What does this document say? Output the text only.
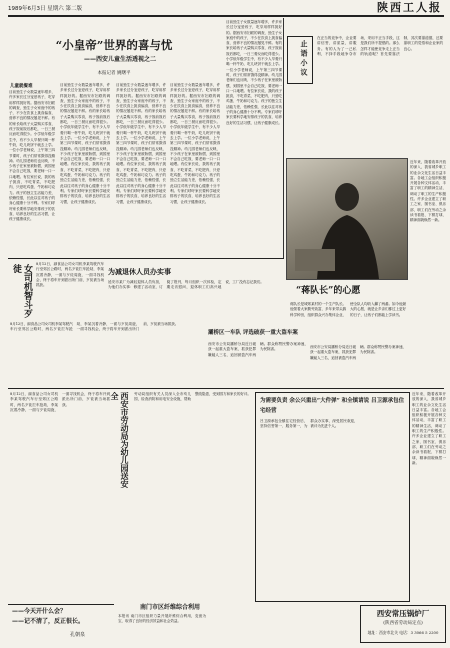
1989年6月3日 星期六 第二版	陕西工人报
“小皇帝”世界的喜与忧
——西安儿童生活透视之二
本报记者 姚曙平
儿童就餐难
目前独生子女数量逐年增多，许多家长过分宠爱孩子，吃穿用样样挑好的。据西安市妇联的调查，独生子女家庭中的孩子，不少在饮食上挑食偏食，营养不良的情况屡见不鲜。有的家长给孩子大量购买零食，孩子饭前饭后都吃，一日三餐反而吃得很少。小学低年级学生中，有不少人早餐只喝一杯牛奶，吃几块饼干就去上学。一位小学老师说，上午第三四节课时，孩子们常常饿得没精神。幼儿园老师们也反映，不少孩子在家里被娇惯，到园里不会自己吃饭，要老师一口一口地喂。有位家长说，我的孩子挑食，不吃青菜，不吃肥肉，只爱吃鸡蛋、牛奶和巧克力。孩子的独立生活能力差，依赖性强，长此以往对孩子的身心健康十分不利。专家们呼吁家长要科学地安排孩子的饮食，培养良好的生活习惯，让孩子健康成长。
目前独生子女数量逐年增多，许多家长过分宠爱孩子，吃穿用样样挑好的。据西安市妇联的调查，独生子女家庭中的孩子，不少在饮食上挑食偏食，营养不良的情况屡见不鲜。有的家长给孩子大量购买零食，孩子饭前饭后都吃，一日三餐反而吃得很少。小学低年级学生中，有不少人早餐只喝一杯牛奶，吃几块饼干就去上学。一位小学老师说，上午第三四节课时，孩子们常常饿得没精神。幼儿园老师们也反映，不少孩子在家里被娇惯，到园里不会自己吃饭，要老师一口一口地喂。有位家长说，我的孩子挑食，不吃青菜，不吃肥肉，只爱吃鸡蛋、牛奶和巧克力。孩子的独立生活能力差，依赖性强，长此以往对孩子的身心健康十分不利。专家们呼吁家长要科学地安排孩子的饮食，培养良好的生活习惯，让孩子健康成长。
目前独生子女数量逐年增多，许多家长过分宠爱孩子，吃穿用样样挑好的。据西安市妇联的调查，独生子女家庭中的孩子，不少在饮食上挑食偏食，营养不良的情况屡见不鲜。有的家长给孩子大量购买零食，孩子饭前饭后都吃，一日三餐反而吃得很少。小学低年级学生中，有不少人早餐只喝一杯牛奶，吃几块饼干就去上学。一位小学老师说，上午第三四节课时，孩子们常常饿得没精神。幼儿园老师们也反映，不少孩子在家里被娇惯，到园里不会自己吃饭，要老师一口一口地喂。有位家长说，我的孩子挑食，不吃青菜，不吃肥肉，只爱吃鸡蛋、牛奶和巧克力。孩子的独立生活能力差，依赖性强，长此以往对孩子的身心健康十分不利。专家们呼吁家长要科学地安排孩子的饮食，培养良好的生活习惯，让孩子健康成长。
目前独生子女数量逐年增多，许多家长过分宠爱孩子，吃穿用样样挑好的。据西安市妇联的调查，独生子女家庭中的孩子，不少在饮食上挑食偏食，营养不良的情况屡见不鲜。有的家长给孩子大量购买零食，孩子饭前饭后都吃，一日三餐反而吃得很少。小学低年级学生中，有不少人早餐只喝一杯牛奶，吃几块饼干就去上学。一位小学老师说，上午第三四节课时，孩子们常常饿得没精神。幼儿园老师们也反映，不少孩子在家里被娇惯，到园里不会自己吃饭，要老师一口一口地喂。有位家长说，我的孩子挑食，不吃青菜，不吃肥肉，只爱吃鸡蛋、牛奶和巧克力。孩子的独立生活能力差，依赖性强，长此以往对孩子的身心健康十分不利。专家们呼吁家长要科学地安排孩子的饮食，培养良好的生活习惯，让孩子健康成长。
目前独生子女数量逐年增多，许多家长过分宠爱孩子，吃穿用样样挑好的。据西安市妇联的调查，独生子女家庭中的孩子，不少在饮食上挑食偏食，营养不良的情况屡见不鲜。有的家长给孩子大量购买零食，孩子饭前饭后都吃，一日三餐反而吃得很少。小学低年级学生中，有不少人早餐只喝一杯牛奶，吃几块饼干就去上学。一位小学老师说，上午第三四节课时，孩子们常常饿得没精神。幼儿园老师们也反映，不少孩子在家里被娇惯，到园里不会自己吃饭，要老师一口一口地喂。有位家长说，我的孩子挑食，不吃青菜，不吃肥肉，只爱吃鸡蛋、牛奶和巧克力。孩子的独立生活能力差，依赖性强，长此以往对孩子的身心健康十分不利。专家们呼吁家长要科学地安排孩子的饮食，培养良好的生活习惯，让孩子健康成长。
止 语 小 议
在正当的竞争中，企业要讲信誉，讲质量，讲服务。有的人为了一己私利，不择手段地争夺市场，采用不正当手段，这是我们所不提倡的。那么怎样才能使竞争走上正当的轨道呢？首先要靠法制，其次要靠道德，还要靠职工的觉悟和企业家的良心。
近年来，随着改革开放的深入，我省城乡职工的业余文化生活日益丰富。各地工会组织积极开展各种文体活动，丰富了职工的精神生活，调动了职工的生产积极性。许多企业建立了职工之家、图书室、俱乐部，职工们在劳动之余读书看报、下棋打球，精神面貌焕然一新。
“蒋队长”的心愿
蒋队长是城郊某村的一个生产队长。他领着大家勤劳致富，多年来带头搞科学种田，组织群众兴办集体企业，使全队人均收入翻了两番。如今他最大的心愿，就是让乡亲们都过上更好的日子，让孩子们都能上学读书。
女司机智斗歹徒	8月12日，副食品公司女司机李某驾驶汽车行至郊区公路时，两名歹徒拦车抢劫，李某沉着冷静，一面与歹徒周旋，一面寻找机会，终于将车开到派出所门前，歹徒被当场抓获。
8月12日，副食品公司女司机李某驾驶汽车行至郊区公路时，两名歹徒拦车抢劫，李某沉着冷静，一面与歹徒周旋，一面寻找机会，终于将车开到派出所门前，歹徒被当场抓获。
为减退休人员办实事
延安市某厂为减轻退休人员负担，为他们办实事：修建了活动室，订阅了报刊，每月组织一次体检，定期走访慰问，退休职工们高兴地说，工厂没有忘记我们。
灞桥区一车队 评选破获一重大盗车案
西安市公安局灞桥分局近日破获一起重大盗车案，抓获犯罪嫌疑人三名，追回被盗汽车两辆。群众称赞民警办案神速，为民除害。
西安市公安局灞桥分局近日破获一起重大盗车案，抓获犯罪嫌疑人三名，追回被盗汽车两辆。群众称赞民警办案神速，为民除害。
8月12日，副食品公司女司机李某驾驶汽车行至郊区公路时，两名歹徒拦车抢劫，李某沉着冷静，一面与歹徒周旋，一面寻找机会，终于将车开到派出所门前，歹徒被当场抓获。	西安市劳动局为幼儿园送安全	劳动局组织有关人员深入全市幼儿园，检查消防和用电安全设施，帮助整改隐患，受到园方和家长的好评。
为需要负责 余公兴重出“大件弹” 和全镇请说 吕卫源承包住宅经营
吕卫源承包全镇住宅经营后，坚持信誉第一、服务第一，为群众办实事，深受居民欢迎，被评为先进个人。
近年来，随着改革开放的深入，我省城乡职工的业余文化生活日益丰富。各地工会组织积极开展各种文体活动，丰富了职工的精神生活，调动了职工的生产积极性。许多企业建立了职工之家、图书室、俱乐部，职工们在劳动之余读书看报、下棋打球，精神面貌焕然一新。
——今天开什么会？
——记不清了，反正很长。
孔朝泉
南门市区纤维综合利用
本报讯 南门市区组织力量开展纤维综合利用，变废为宝，取得了良好的经济效益和社会效益。
西安常压锅炉厂
(陕西省劳动局定点)
地址：西安市北关 电话：3 3066 5 2200
